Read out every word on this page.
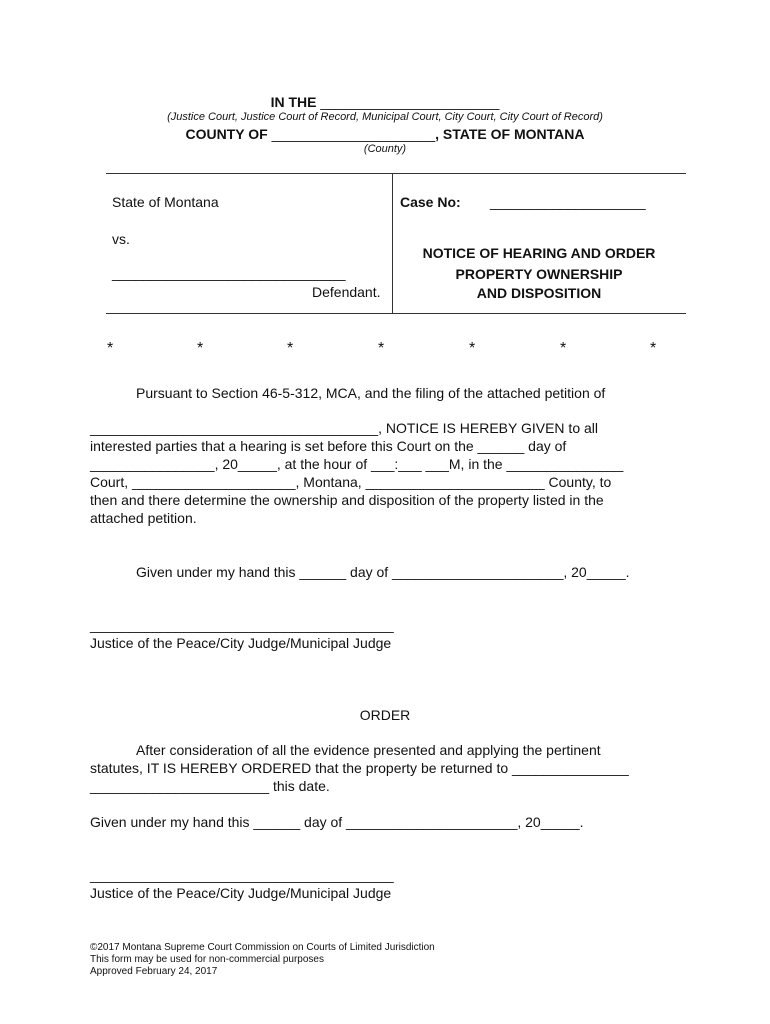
IN THE _______________________
(Justice Court, Justice Court of Record, Municipal Court, City Court, City Court of Record)
COUNTY OF _____________________, STATE OF MONTANA
(County)
State of Montana
vs.
______________________________
Defendant.
Case No: ____________________
NOTICE OF HEARING AND ORDER
PROPERTY OWNERSHIP
AND DISPOSITION
*	*	*	*	*	*	*
Pursuant to Section 46-5-312, MCA, and the filing of the attached petition of
_____________________________________, NOTICE IS HEREBY GIVEN to all
interested parties that a hearing is set before this Court on the ______ day of
________________, 20_____, at the hour of ___:___ ___M, in the _______________
Court, _____________________, Montana, _______________________ County, to
then and there determine the ownership and disposition of the property listed in the
attached petition.
Given under my hand this ______ day of ______________________, 20_____.
_______________________________________
Justice of the Peace/City Judge/Municipal Judge
ORDER
After consideration of all the evidence presented and applying the pertinent
statutes, IT IS HEREBY ORDERED that the property be returned to _______________
_______________________ this date.
Given under my hand this ______ day of ______________________, 20_____.
_______________________________________
Justice of the Peace/City Judge/Municipal Judge
©2017 Montana Supreme Court Commission on Courts of Limited Jurisdiction
This form may be used for non-commercial purposes
Approved February 24, 2017
